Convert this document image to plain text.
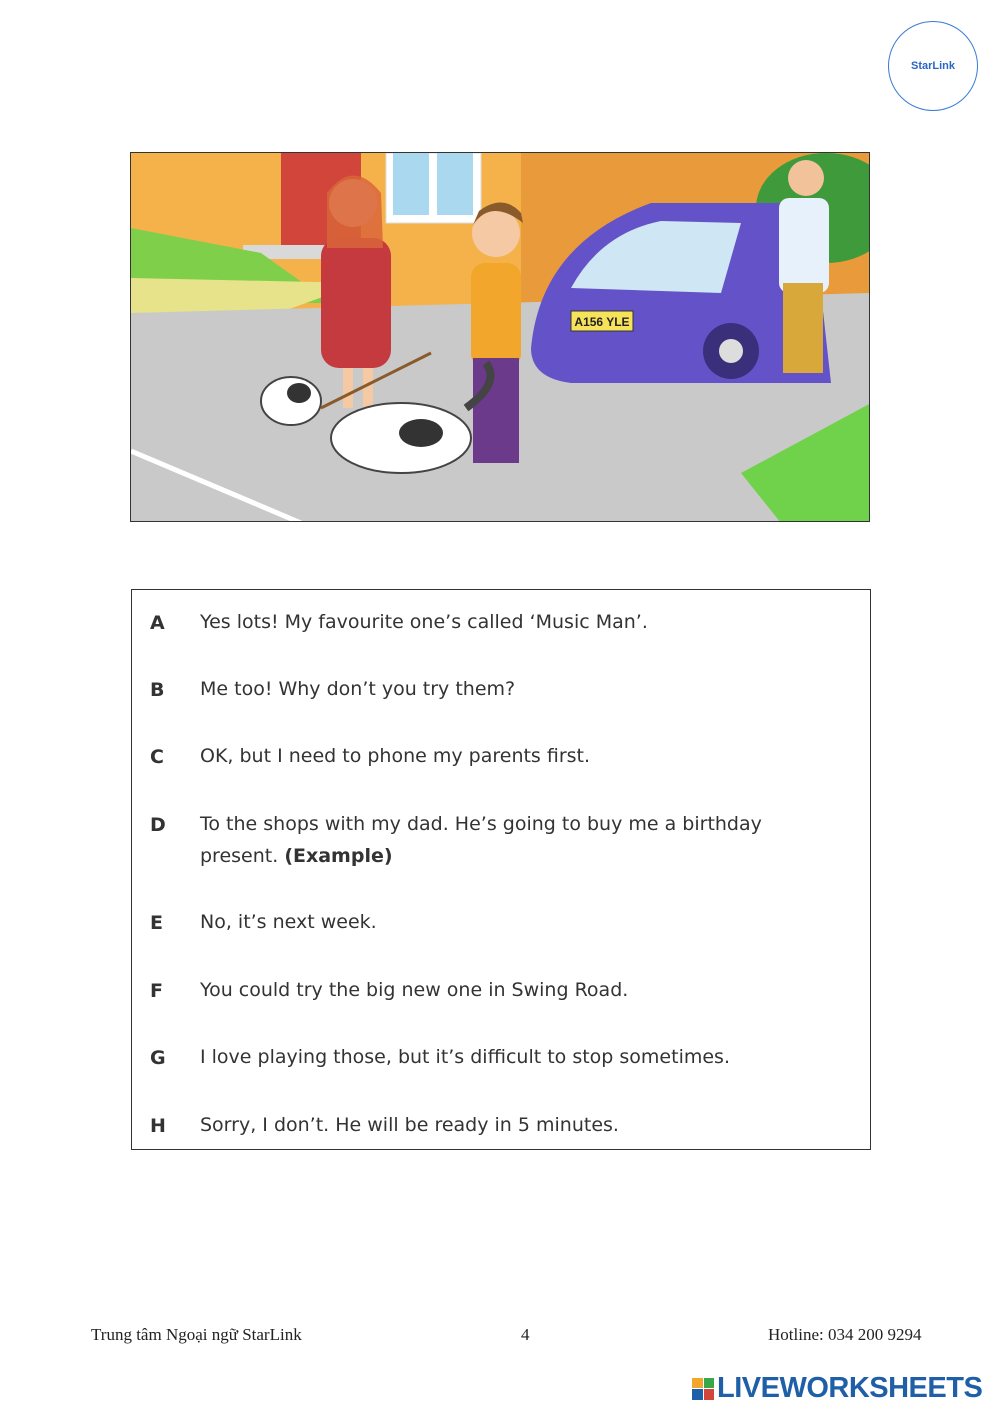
StarLink
A156 YLE
A Yes lots! My favourite one’s called ‘Music Man’.
B Me too! Why don’t you try them?
C OK, but I need to phone my parents first.
D To the shops with my dad. He’s going to buy me a birthday present. (Example)
E No, it’s next week.
F You could try the big new one in Swing Road.
G I love playing those, but it’s difficult to stop sometimes.
H Sorry, I don’t. He will be ready in 5 minutes.
Trung tâm Ngoại ngữ StarLink	4	Hotline: 034 200 9294
LIVEWORKSHEETS
